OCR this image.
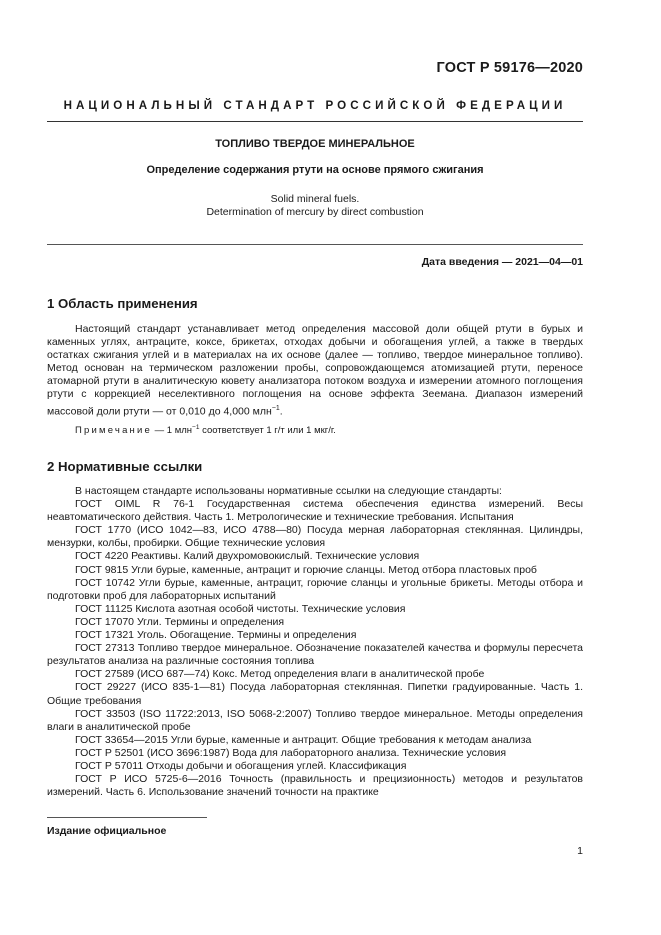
ГОСТ Р 59176—2020
НАЦИОНАЛЬНЫЙ СТАНДАРТ РОССИЙСКОЙ ФЕДЕРАЦИИ
ТОПЛИВО ТВЕРДОЕ МИНЕРАЛЬНОЕ
Определение содержания ртути на основе прямого сжигания
Solid mineral fuels.
Determination of mercury by direct combustion
Дата введения — 2021—04—01
1 Область применения

Настоящий стандарт устанавливает метод определения массовой доли общей ртути в бурых и каменных углях, антраците, коксе, брикетах, отходах добычи и обогащения углей, а также в твердых остатках сжигания углей и в материалах на их основе (далее — топливо, твердое минеральное топливо). Метод основан на термическом разложении пробы, сопровождающемся атомизацией ртути, переносе атомарной ртути в аналитическую кювету анализатора потоком воздуха и измерении атомного поглощения ртути с коррекцией неселективного поглощения на основе эффекта Зеемана. Диапазон измерений массовой доли ртути — от 0,010 до 4,000 млн$^{-1}$.

Примечание — 1 млн$^{-1}$ соответствует 1 г/т или 1 мкг/г.

2 Нормативные ссылки

В настоящем стандарте использованы нормативные ссылки на следующие стандарты:

ГОСТ OIML R 76-1 Государственная система обеспечения единства измерений. Весы неавтоматического действия. Часть 1. Метрологические и технические требования. Испытания

ГОСТ 1770 (ИСО 1042—83, ИСО 4788—80) Посуда мерная лабораторная стеклянная. Цилиндры, мензурки, колбы, пробирки. Общие технические условия

ГОСТ 4220 Реактивы. Калий двухромовокислый. Технические условия

ГОСТ 9815 Угли бурые, каменные, антрацит и горючие сланцы. Метод отбора пластовых проб

ГОСТ 10742 Угли бурые, каменные, антрацит, горючие сланцы и угольные брикеты. Методы отбора и подготовки проб для лабораторных испытаний

ГОСТ 11125 Кислота азотная особой чистоты. Технические условия

ГОСТ 17070 Угли. Термины и определения

ГОСТ 17321 Уголь. Обогащение. Термины и определения

ГОСТ 27313 Топливо твердое минеральное. Обозначение показателей качества и формулы пересчета результатов анализа на различные состояния топлива

ГОСТ 27589 (ИСО 687—74) Кокс. Метод определения влаги в аналитической пробе

ГОСТ 29227 (ИСО 835-1—81) Посуда лабораторная стеклянная. Пипетки градуированные. Часть 1. Общие требования

ГОСТ 33503 (ISO 11722:2013, ISO 5068-2:2007) Топливо твердое минеральное. Методы определения влаги в аналитической пробе

ГОСТ 33654—2015 Угли бурые, каменные и антрацит. Общие требования к методам анализа

ГОСТ Р 52501 (ИСО 3696:1987) Вода для лабораторного анализа. Технические условия

ГОСТ Р 57011 Отходы добычи и обогащения углей. Классификация

ГОСТ Р ИСО 5725-6—2016 Точность (правильность и прецизионность) методов и результатов измерений. Часть 6. Использование значений точности на практике

Издание официальное
1
